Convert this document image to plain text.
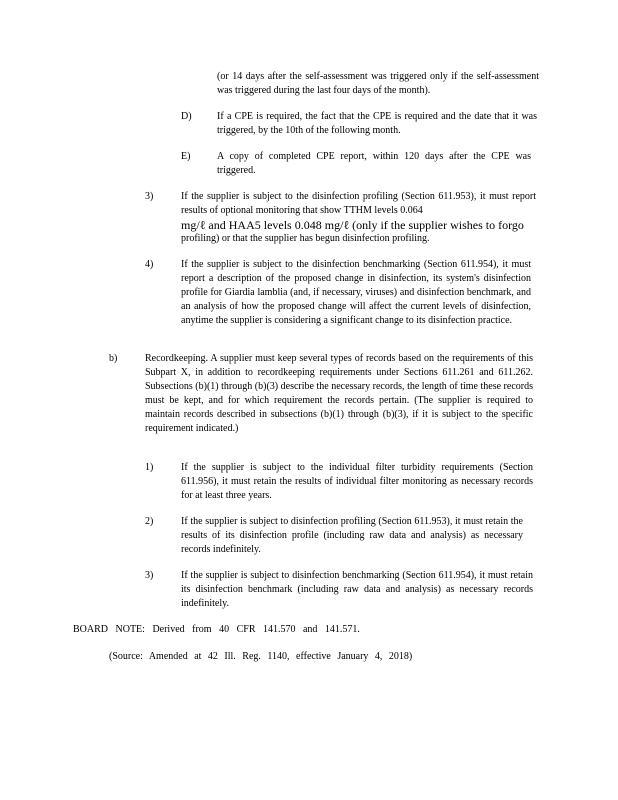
(or 14 days after the self-assessment was triggered only if the self-assessment was triggered during the last four days of the month).
D)	If a CPE is required, the fact that the CPE is required and the date that it was triggered, by the 10th of the following month.
E)	A copy of completed CPE report, within 120 days after the CPE was triggered.
3)	If the supplier is subject to the disinfection profiling (Section 611.953), it must report results of optional monitoring that show TTHM levels 0.064
mg/ℓ and HAA5 levels 0.048 mg/ℓ (only if the supplier wishes to forgo
profiling) or that the supplier has begun disinfection profiling.
4)	If the supplier is subject to the disinfection benchmarking (Section 611.954), it must report a description of the proposed change in disinfection, its system's disinfection profile for Giardia lamblia (and, if necessary, viruses) and disinfection benchmark, and an analysis of how the proposed change will affect the current levels of disinfection, anytime the supplier is considering a significant change to its disinfection practice.
b)	Recordkeeping. A supplier must keep several types of records based on the requirements of this Subpart X, in addition to recordkeeping requirements under Sections 611.261 and 611.262. Subsections (b)(1) through (b)(3) describe the necessary records, the length of time these records must be kept, and for which requirement the records pertain. (The supplier is required to maintain records described in subsections (b)(1) through (b)(3), if it is subject to the specific requirement indicated.)
1)	If the supplier is subject to the individual filter turbidity requirements (Section 611.956), it must retain the results of individual filter monitoring as necessary records for at least three years.
2)	If the supplier is subject to disinfection profiling (Section 611.953), it must retain the results of its disinfection profile (including raw data and analysis) as necessary records indefinitely.
3)	If the supplier is subject to disinfection benchmarking (Section 611.954), it must retain its disinfection benchmark (including raw data and analysis) as necessary records indefinitely.
BOARD NOTE: Derived from 40 CFR 141.570 and 141.571.
(Source: Amended at 42 Ill. Reg. 1140, effective January 4, 2018)
